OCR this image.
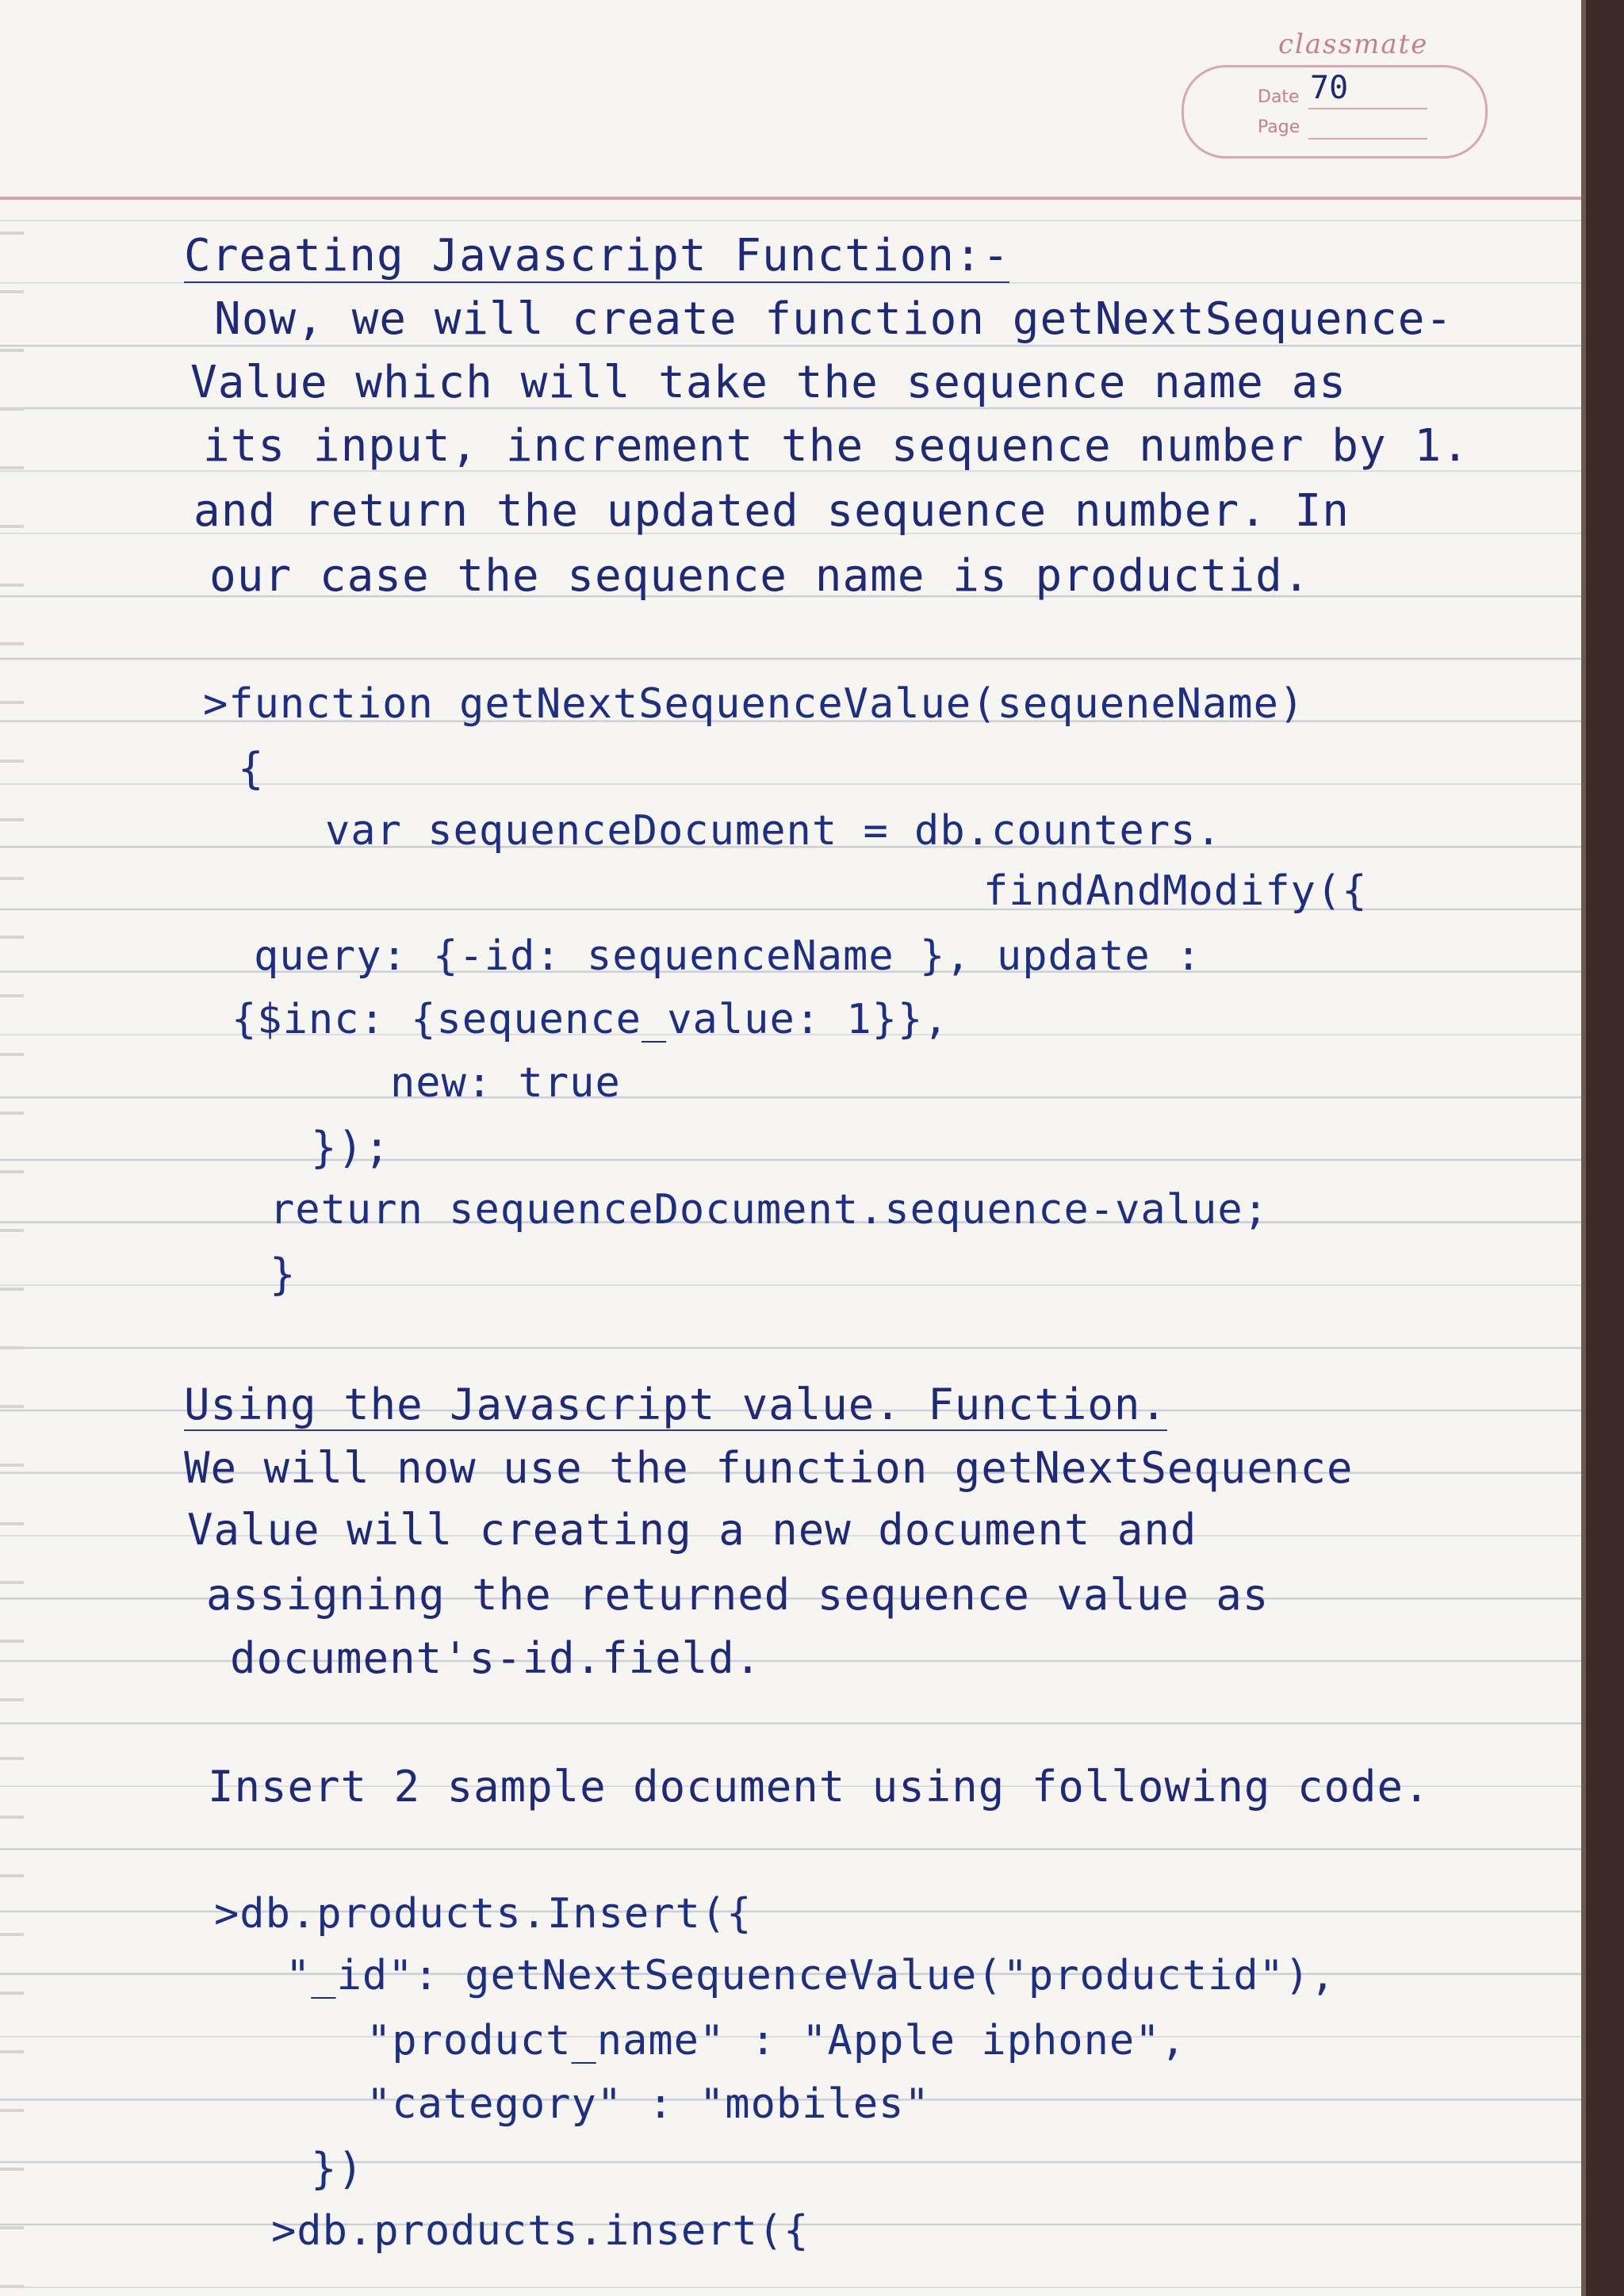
classmate
Date 70
Page
Creating Javascript Function:-
Now, we will create function getNextSequence-
Value which will take the sequence name as
its input, increment the sequence number by 1.
and return the updated sequence number. In
our case the sequence name is productid.
>function getNextSequenceValue(sequeneName)
{
var sequenceDocument = db.counters.
findAndModify({
query: {-id: sequenceName }, update :
{$inc: {sequence_value: 1}},
new: true
});
return sequenceDocument.sequence-value;
}
Using the Javascript value. Function.
We will now use the function getNextSequence
Value will creating a new document and
assigning the returned sequence value as
document's-id.field.
Insert 2 sample document using following code.
>db.products.Insert({
"_id": getNextSequenceValue("productid"),
"product_name" : "Apple iphone",
"category" : "mobiles"
})
>db.products.insert({
